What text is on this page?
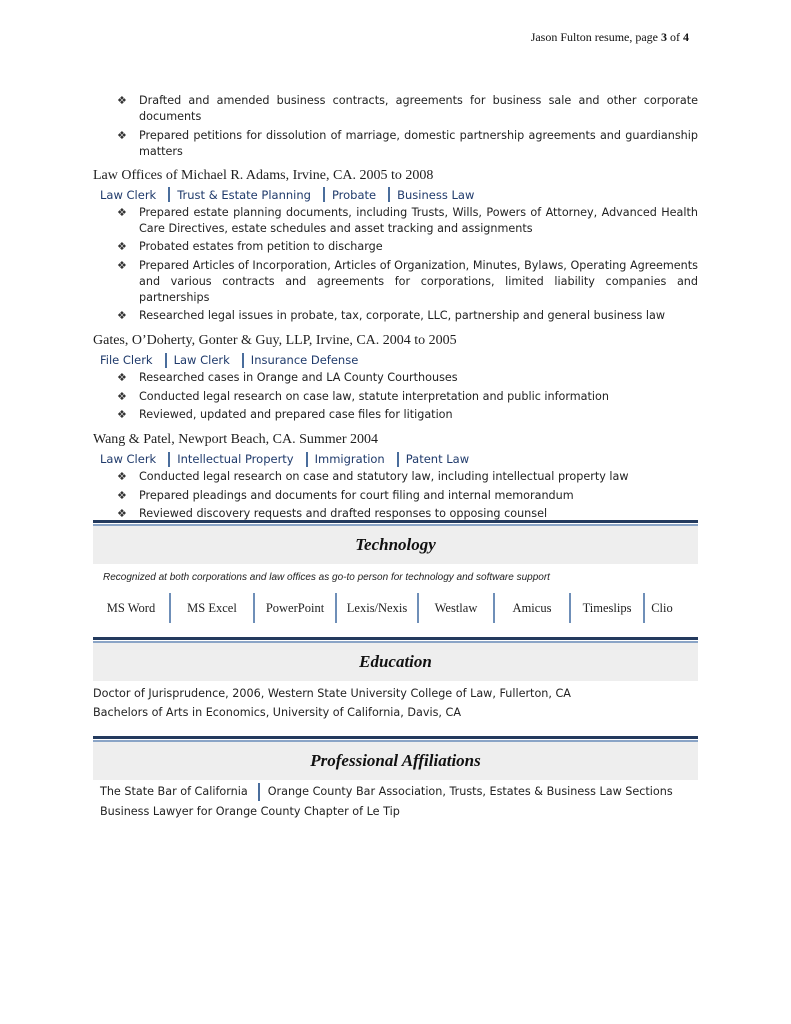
Jason Fulton resume, page 3 of 4
❖ Drafted and amended business contracts, agreements for business sale and other corporate documents
❖ Prepared petitions for dissolution of marriage, domestic partnership agreements and guardianship matters
Law Offices of Michael R. Adams, Irvine, CA. 2005 to 2008
Law Clerk Trust & Estate Planning Probate Business Law
❖ Prepared estate planning documents, including Trusts, Wills, Powers of Attorney, Advanced Health Care Directives, estate schedules and asset tracking and assignments
❖ Probated estates from petition to discharge
❖ Prepared Articles of Incorporation, Articles of Organization, Minutes, Bylaws, Operating Agreements and various contracts and agreements for corporations, limited liability companies and partnerships
❖ Researched legal issues in probate, tax, corporate, LLC, partnership and general business law
Gates, O’Doherty, Gonter & Guy, LLP, Irvine, CA. 2004 to 2005
File Clerk Law Clerk Insurance Defense
❖ Researched cases in Orange and LA County Courthouses
❖ Conducted legal research on case law, statute interpretation and public information
❖ Reviewed, updated and prepared case files for litigation
Wang & Patel, Newport Beach, CA. Summer 2004
Law Clerk Intellectual Property Immigration Patent Law
❖ Conducted legal research on case and statutory law, including intellectual property law
❖ Prepared pleadings and documents for court filing and internal memorandum
❖ Reviewed discovery requests and drafted responses to opposing counsel
Technology
Recognized at both corporations and law offices as go-to person for technology and software support
MS Word	MS Excel	PowerPoint	Lexis/Nexis	Westlaw	Amicus	Timeslips	Clio
Education
Doctor of Jurisprudence, 2006, Western State University College of Law, Fullerton, CA
Bachelors of Arts in Economics, University of California, Davis, CA
Professional Affiliations
The State Bar of California Orange County Bar Association, Trusts, Estates & Business Law Sections
Business Lawyer for Orange County Chapter of Le Tip
